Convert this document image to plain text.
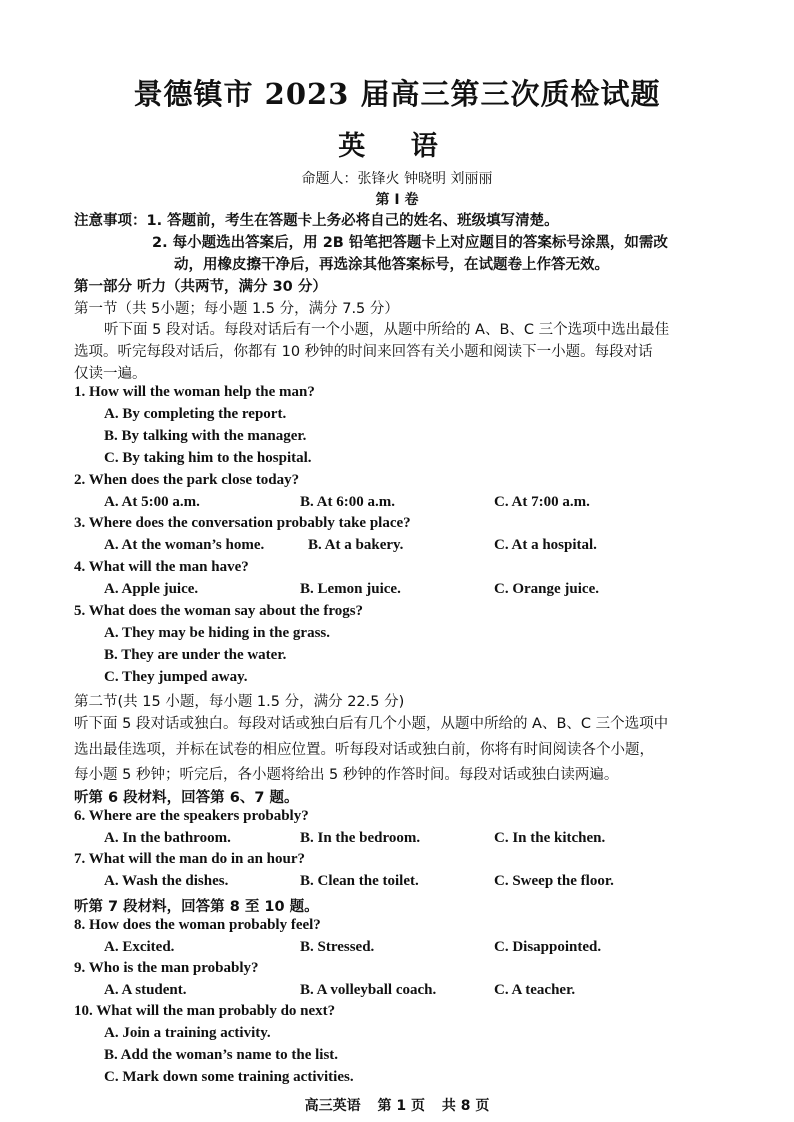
景德镇市 2023 届高三第三次质检试题
英 语
命题人：张锋火 钟晓明 刘丽丽
第 I 卷
注意事项：1. 答题前，考生在答题卡上务必将自己的姓名、班级填写清楚。
2. 每小题选出答案后，用 2B 铅笔把答题卡上对应题目的答案标号涂黑，如需改
动，用橡皮擦干净后，再选涂其他答案标号，在试题卷上作答无效。
第一部分 听力（共两节，满分 30 分）
第一节（共 5小题；每小题 1.5 分，满分 7.5 分）
听下面 5 段对话。每段对话后有一个小题，从题中所给的 A、B、C 三个选项中选出最佳
选项。听完每段对话后，你都有 10 秒钟的时间来回答有关小题和阅读下一小题。每段对话
仅读一遍。
1. How will the woman help the man?
A. By completing the report.
B. By talking with the manager.
C. By taking him to the hospital.
2. When does the park close today?
A. At 5:00 a.m.	B. At 6:00 a.m.	C. At 7:00 a.m.
3. Where does the conversation probably take place?
A. At the woman’s home.	B. At a bakery.	C. At a hospital.
4. What will the man have?
A. Apple juice.	B. Lemon juice.	C. Orange juice.
5. What does the woman say about the frogs?
A. They may be hiding in the grass.
B. They are under the water.
C. They jumped away.
第二节(共 15 小题，每小题 1.5 分，满分 22.5 分)
听下面 5 段对话或独白。每段对话或独白后有几个小题，从题中所给的 A、B、C 三个选项中
选出最佳选项，并标在试卷的相应位置。听每段对话或独白前，你将有时间阅读各个小题，
每小题 5 秒钟；听完后，各小题将给出 5 秒钟的作答时间。每段对话或独白读两遍。
听第 6 段材料，回答第 6、7 题。
6. Where are the speakers probably?
A. In the bathroom.	B. In the bedroom.	C. In the kitchen.
7. What will the man do in an hour?
A. Wash the dishes.	B. Clean the toilet.	C. Sweep the floor.
听第 7 段材料，回答第 8 至 10 题。
8. How does the woman probably feel?
A. Excited.	B. Stressed.	C. Disappointed.
9. Who is the man probably?
A. A student.	B. A volleyball coach.	C. A teacher.
10. What will the man probably do next?
A. Join a training activity.
B. Add the woman’s name to the list.
C. Mark down some training activities.
高三英语 第 1 页 共 8 页
